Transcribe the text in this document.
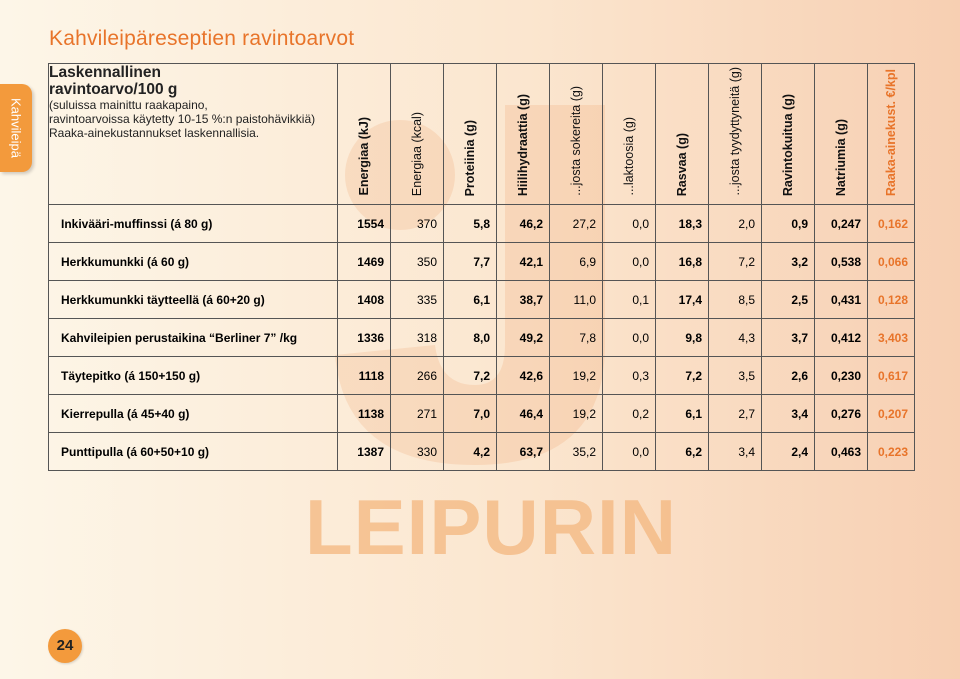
Kahvileipäreseptien ravintoarvot
Kahvileipä
LEIPURIN
Laskennallinen
ravintoarvo/100 g
(suluissa mainittu raakapaino,
ravintoarvoissa käytetty 10-15 %:n paistohävikkiä)
Raaka-ainekustannukset laskennallisia.	Energiaa (kJ)	Energiaa (kcal)	Proteiinia (g)	Hiilihydraattia (g)	...josta sokereita (g)	...laktoosia (g)	Rasvaa (g)	...josta tyydyttyneitä (g)	Ravintokuitua (g)	Natriumia (g)	Raaka-ainekust. €/kpl

Inkivääri-muffinssi (á 80 g)	1554	370	5,8	46,2	27,2	0,0	18,3	2,0	0,9	0,247	0,162
Herkkumunkki (á 60 g)	1469	350	7,7	42,1	6,9	0,0	16,8	7,2	3,2	0,538	0,066
Herkkumunkki täytteellä (á 60+20 g)	1408	335	6,1	38,7	11,0	0,1	17,4	8,5	2,5	0,431	0,128
Kahvileipien perustaikina “Berliner 7” /kg	1336	318	8,0	49,2	7,8	0,0	9,8	4,3	3,7	0,412	3,403
Täytepitko (á 150+150 g)	1118	266	7,2	42,6	19,2	0,3	7,2	3,5	2,6	0,230	0,617
Kierrepulla (á 45+40 g)	1138	271	7,0	46,4	19,2	0,2	6,1	2,7	3,4	0,276	0,207
Punttipulla (á 60+50+10 g)	1387	330	4,2	63,7	35,2	0,0	6,2	3,4	2,4	0,463	0,223
24
